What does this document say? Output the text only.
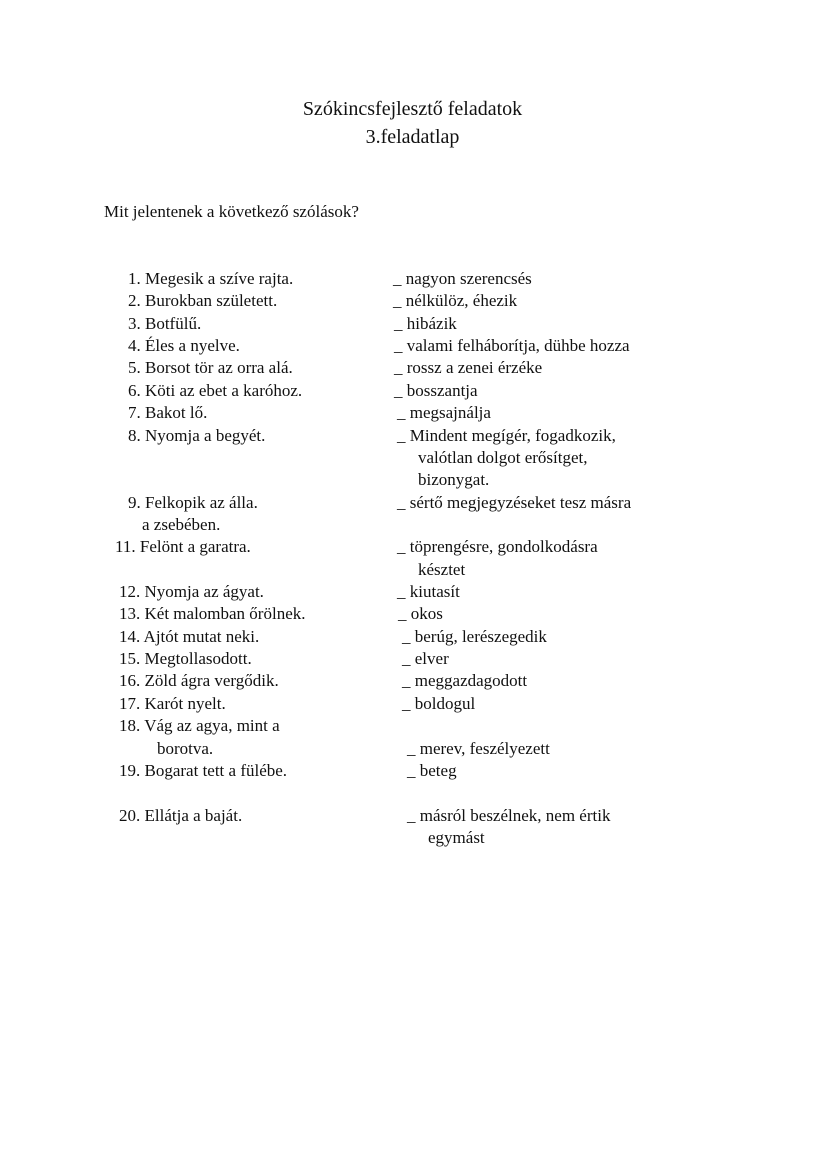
Szókincsfejlesztő feladatok
3.feladatlap
Mit jelentenek a következő szólások?
1. Megesik a szíve rajta.
2. Burokban született.
3. Botfülű.
4. Éles a nyelve.
5. Borsot tör az orra alá.
6. Köti az ebet a karóhoz.
7. Bakot lő.
8. Nyomja a begyét.
9. Felkopik az álla.
a zsebében.
11. Felönt a garatra.
12. Nyomja az ágyat.
13. Két malomban őrölnek.
14. Ajtót mutat neki.
15. Megtollasodott.
16. Zöld ágra vergődik.
17. Karót nyelt.
18. Vág az agya, mint a
borotva.
19. Bogarat tett a fülébe.
20. Ellátja a baját.
_ nagyon szerencsés
_ nélkülöz, éhezik
_ hibázik
_ valami felháborítja, dühbe hozza
_ rossz a zenei érzéke
_ bosszantja
_ megsajnálja
_ Mindent megígér, fogadkozik,
valótlan dolgot erősítget,
bizonygat.
_ sértő megjegyzéseket tesz másra
_ töprengésre, gondolkodásra
késztet
_ kiutasít
_ okos
_ berúg, lerészegedik
_ elver
_ meggazdagodott
_ boldogul
_ merev, feszélyezett
_ beteg
_ másról beszélnek, nem értik
egymást
